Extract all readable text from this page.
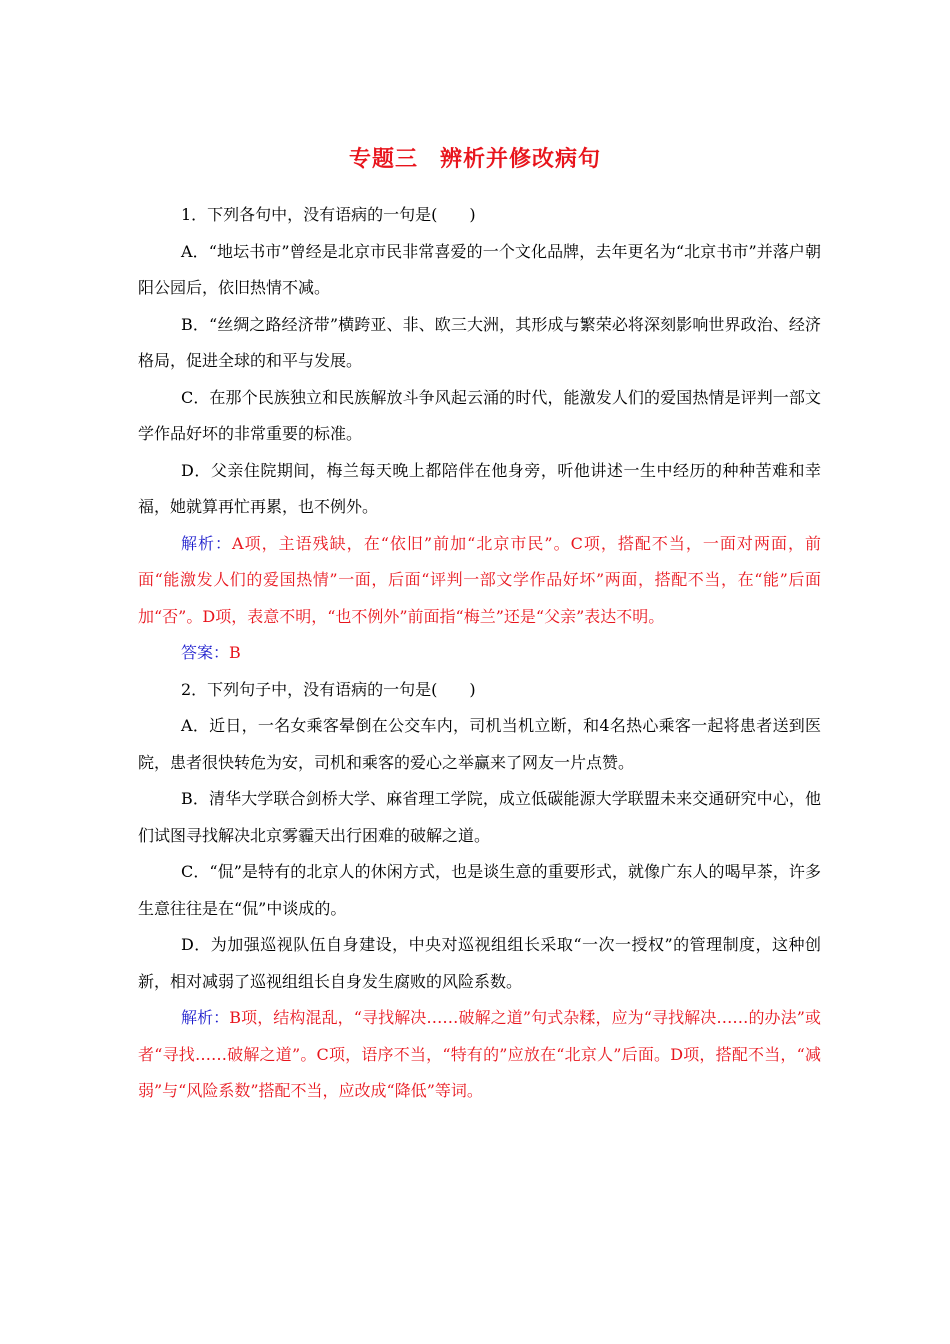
专题三 辨析并修改病句

1．下列各句中，没有语病的一句是(　　)

A．“地坛书市”曾经是北京市民非常喜爱的一个文化品牌，去年更名为“北京书市”并落户朝阳公园后，依旧热情不减。

B．“丝绸之路经济带”横跨亚、非、欧三大洲，其形成与繁荣必将深刻影响世界政治、经济格局，促进全球的和平与发展。

C．在那个民族独立和民族解放斗争风起云涌的时代，能激发人们的爱国热情是评判一部文学作品好坏的非常重要的标准。

D．父亲住院期间，梅兰每天晚上都陪伴在他身旁，听他讲述一生中经历的种种苦难和幸福，她就算再忙再累，也不例外。

解析：A项，主语残缺，在“依旧”前加“北京市民”。C项，搭配不当，一面对两面，前面“能激发人们的爱国热情”一面，后面“评判一部文学作品好坏”两面，搭配不当，在“能”后面加“否”。D项，表意不明，“也不例外”前面指“梅兰”还是“父亲”表达不明。

答案：B

2．下列句子中，没有语病的一句是(　　)

A．近日，一名女乘客晕倒在公交车内，司机当机立断，和4名热心乘客一起将患者送到医院，患者很快转危为安，司机和乘客的爱心之举赢来了网友一片点赞。

B．清华大学联合剑桥大学、麻省理工学院，成立低碳能源大学联盟未来交通研究中心，他们试图寻找解决北京雾霾天出行困难的破解之道。

C．“侃”是特有的北京人的休闲方式，也是谈生意的重要形式，就像广东人的喝早茶，许多生意往往是在“侃”中谈成的。

D．为加强巡视队伍自身建设，中央对巡视组组长采取“一次一授权”的管理制度，这种创新，相对减弱了巡视组组长自身发生腐败的风险系数。

解析：B项，结构混乱，“寻找解决……破解之道”句式杂糅，应为“寻找解决……的办法”或者“寻找……破解之道”。C项，语序不当，“特有的”应放在“北京人”后面。D项，搭配不当，“减弱”与“风险系数”搭配不当，应改成“降低”等词。
